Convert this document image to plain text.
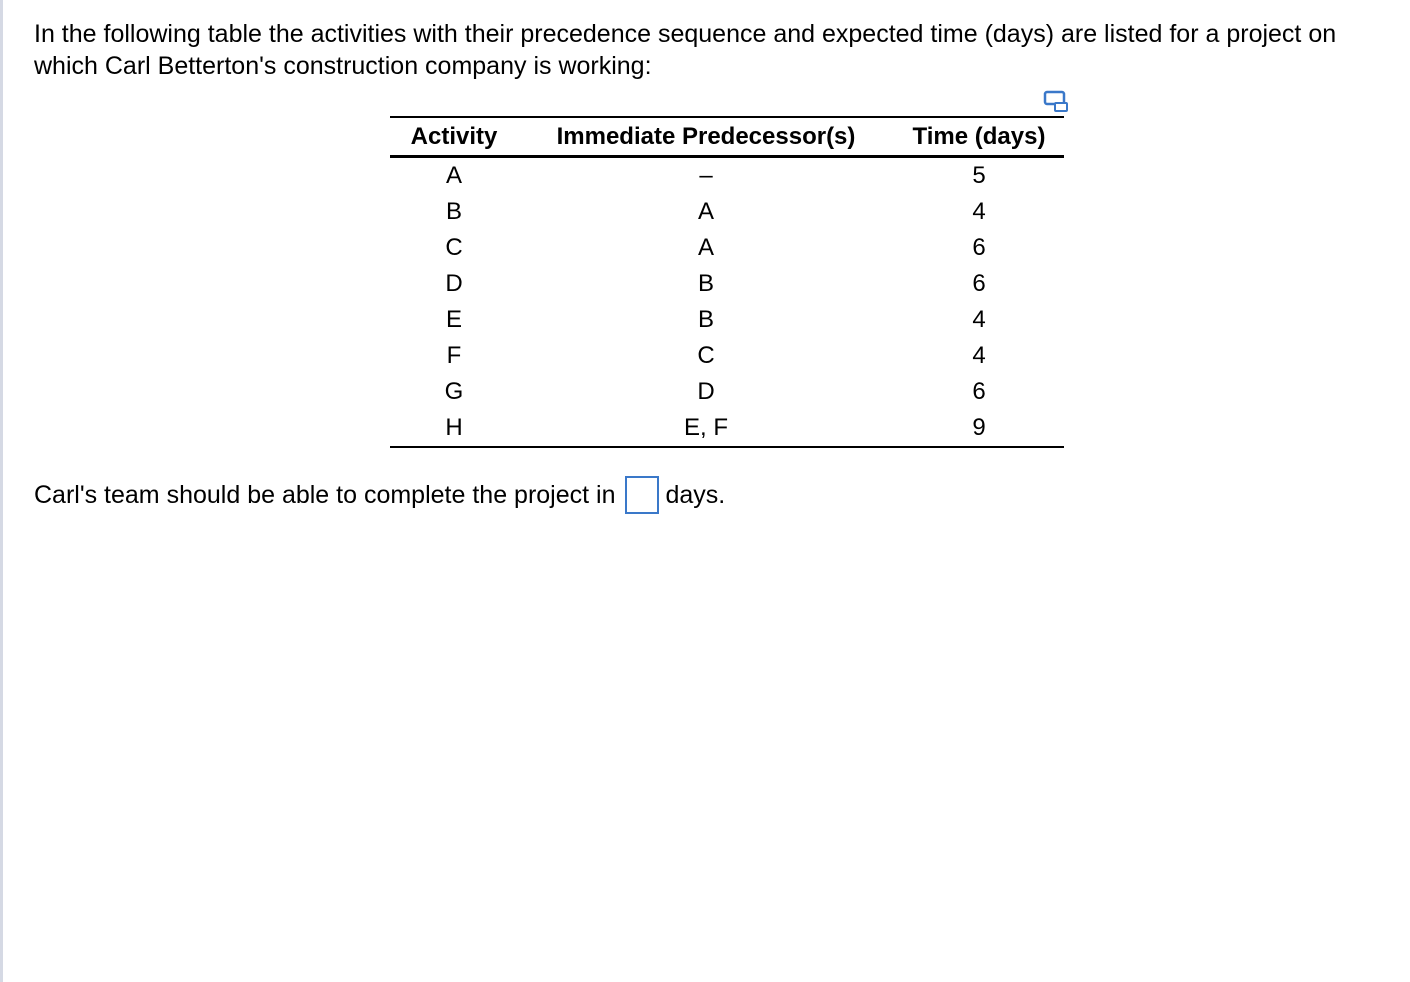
In the following table the activities with their precedence sequence and expected time (days) are listed for a project on which Carl Betterton's construction company is working:
Activity	Immediate Predecessor(s)	Time (days)
A	–	5
B	A	4
C	A	6
D	B	6
E	B	4
F	C	4
G	D	6
H	E, F	9
Carl's team should be able to complete the project in days.
